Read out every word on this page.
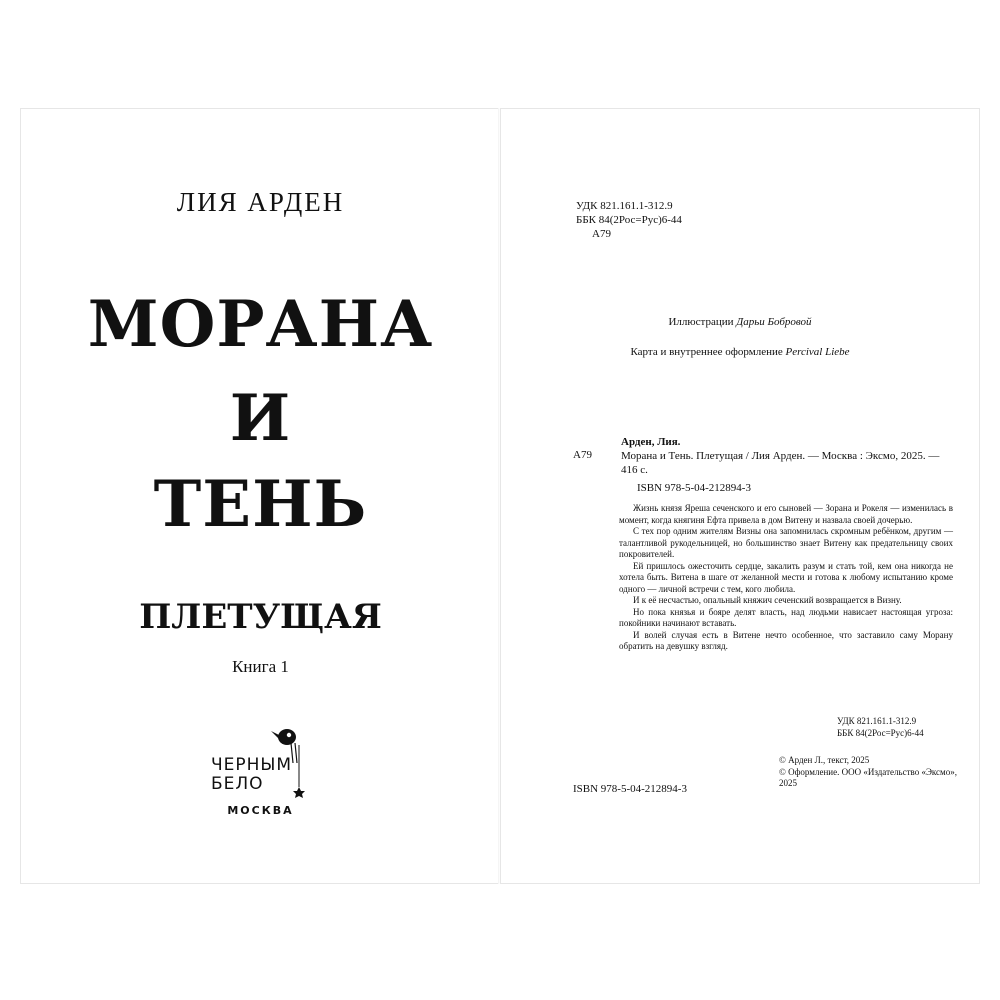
ЛИЯ АРДЕН
МОРАНА
И
ТЕНЬ
ПЛЕТУЩАЯ
Книга 1
ЧЕРНЫМ
БЕЛО
МОСКВА
УДК 821.161.1-312.9
ББК 84(2Рос=Рус)6-44
А79
Иллюстрации Дарьи Бобровой
Карта и внутреннее оформление Percival Liebe
А79
Арден, Лия.
Морана и Тень. Плетущая / Лия Арден. — Москва : Эксмо, 2025. — 416 с.
ISBN 978-5-04-212894-3

Жизнь князя Яреша сеченского и его сыновей — Зорана и Рокеля — изменилась в момент, когда княгиня Ефта привела в дом Витену и назвала своей дочерью.

С тех пор одним жителям Визны она запомнилась скромным ребёнком, другим — талантливой рукодельницей, но большинство знает Витену как предательницу своих покровителей.

Ей пришлось ожесточить сердце, закалить разум и стать той, кем она никогда не хотела быть. Витена в шаге от желанной мести и готова к любому испытанию кроме одного — личной встречи с тем, кого любила.

И к её несчастью, опальный княжич сеченский возвращается в Визну.

Но пока князья и бояре делят власть, над людьми нависает настоящая угроза: покойники начинают вставать.

И волей случая есть в Витене нечто особенное, что заставило саму Морану обратить на девушку взгляд.

УДК 821.161.1-312.9
ББК 84(2Рос=Рус)6-44
ISBN 978-5-04-212894-3
© Арден Л., текст, 2025
© Оформление. ООО «Издательство «Эксмо», 2025
